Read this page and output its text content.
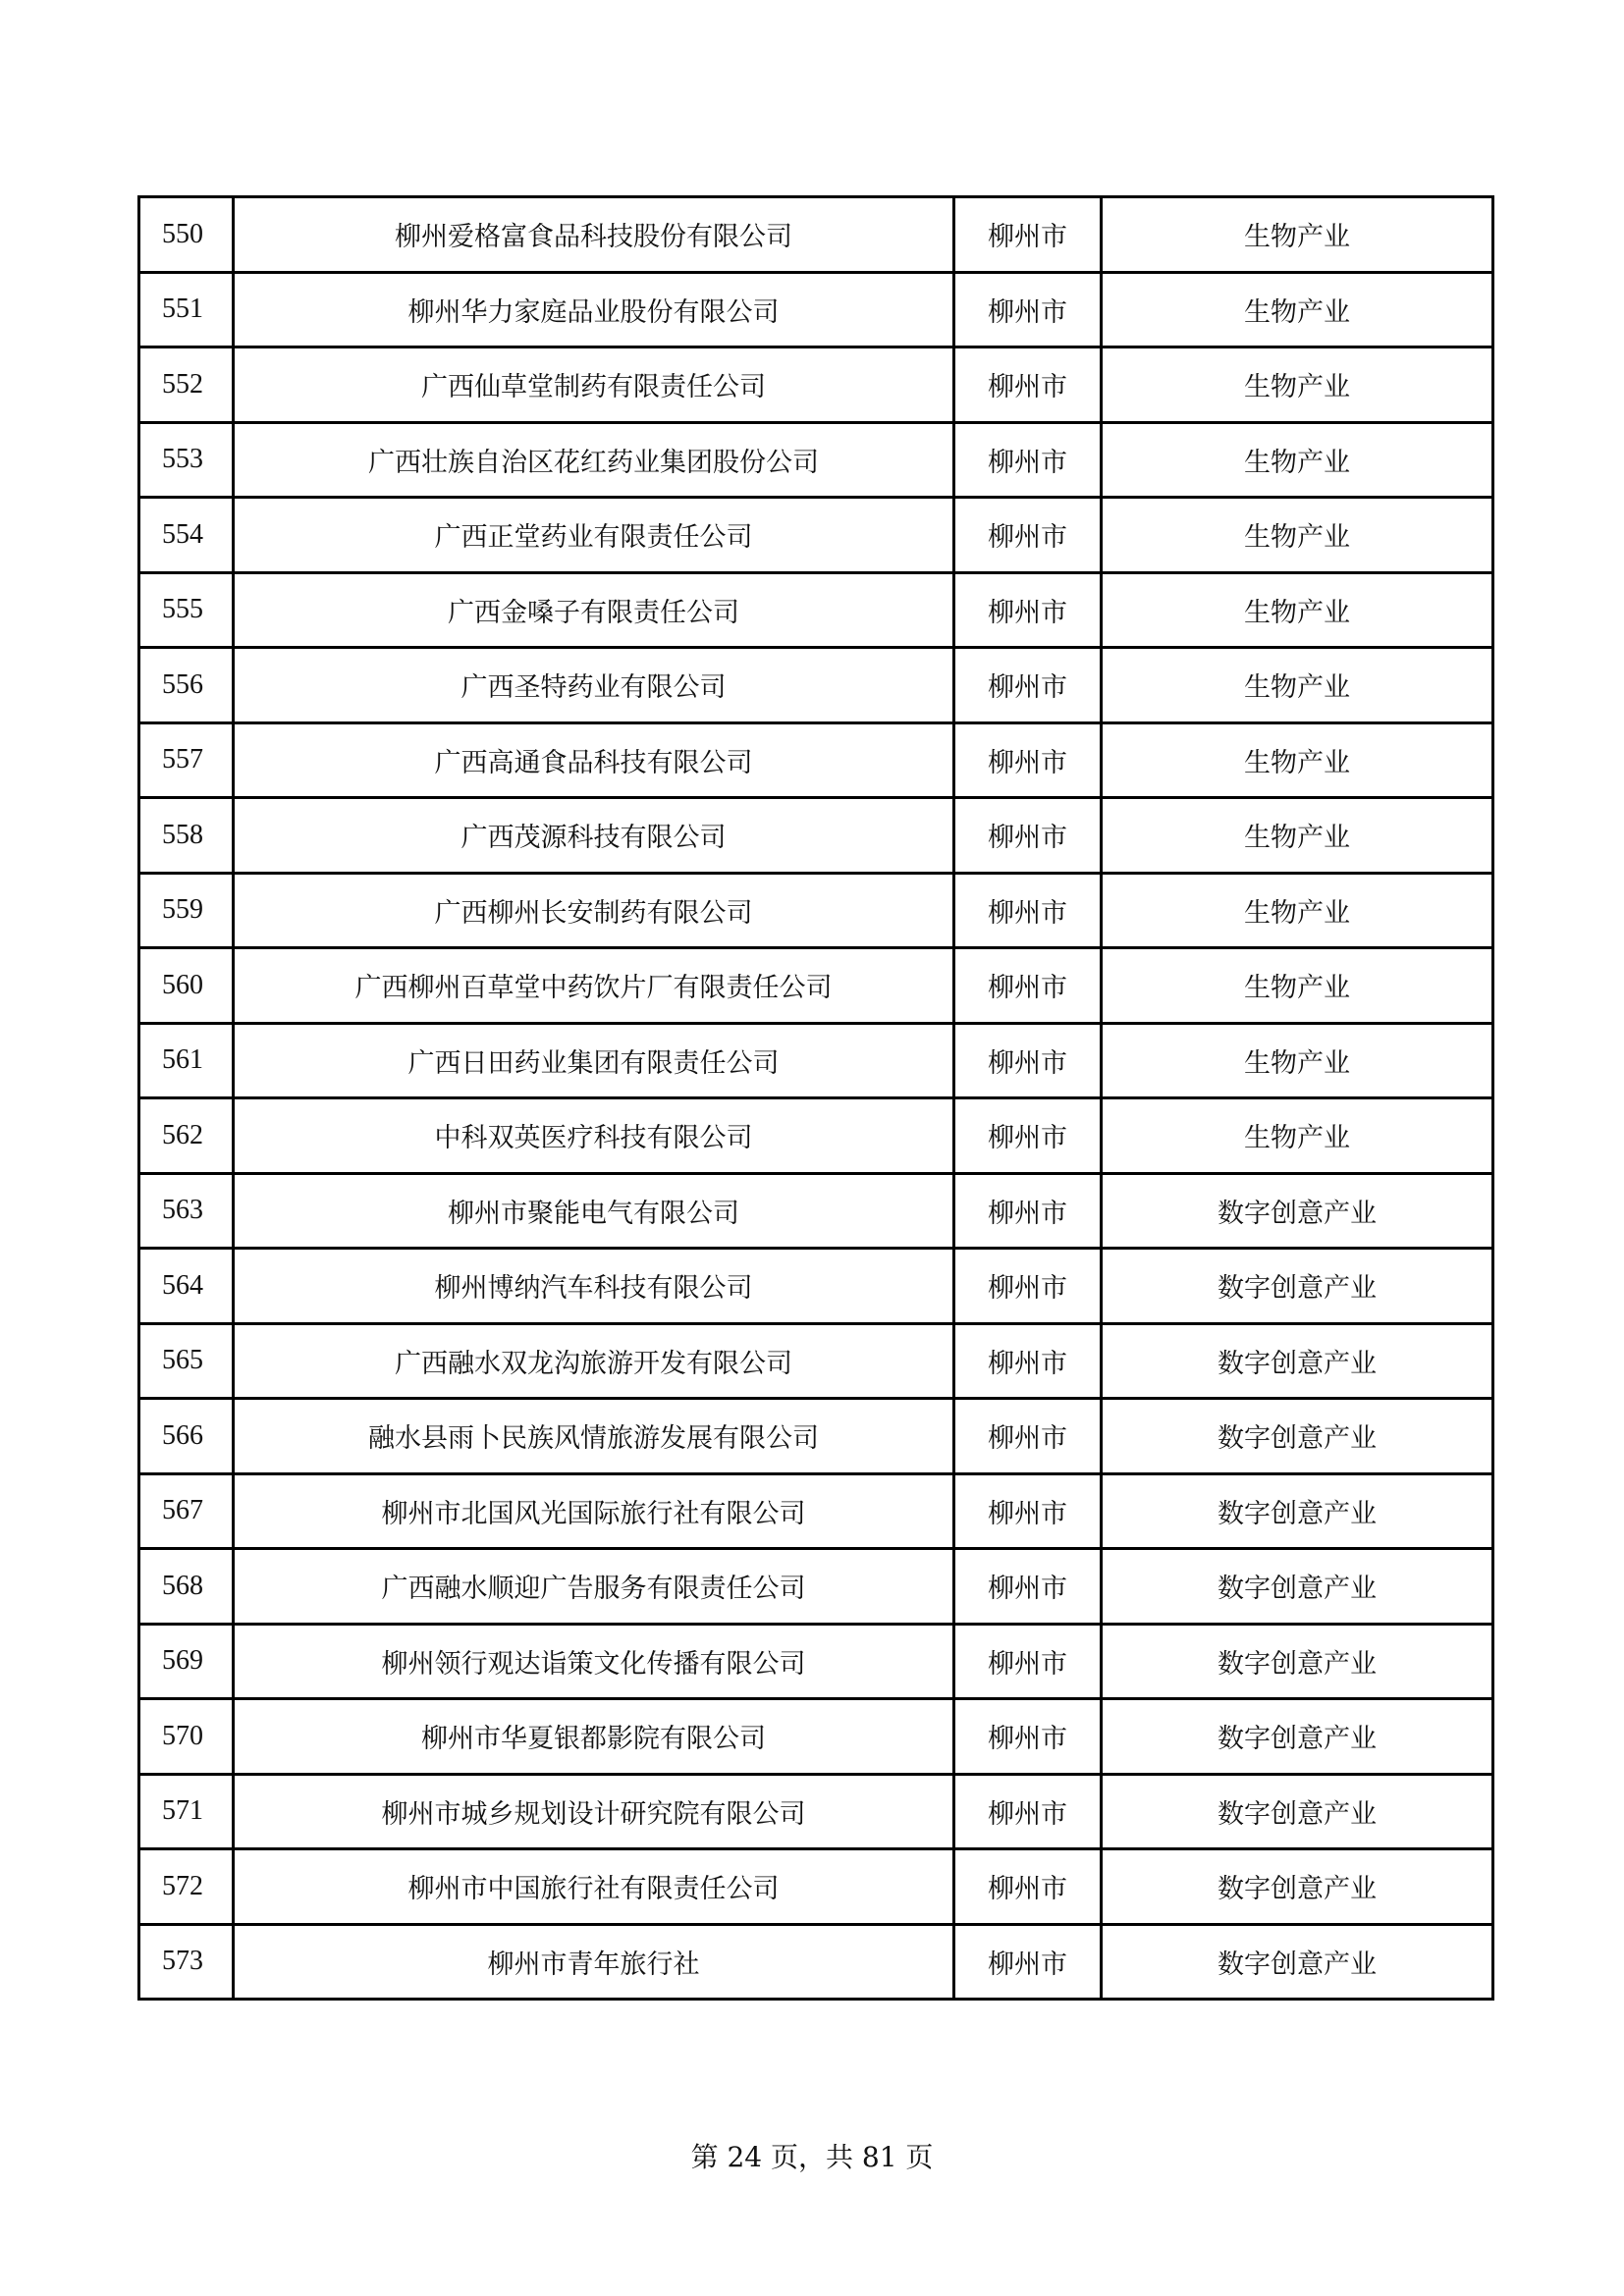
550	柳州爱格富食品科技股份有限公司	柳州市	生物产业
551	柳州华力家庭品业股份有限公司	柳州市	生物产业
552	广西仙草堂制药有限责任公司	柳州市	生物产业
553	广西壮族自治区花红药业集团股份公司	柳州市	生物产业
554	广西正堂药业有限责任公司	柳州市	生物产业
555	广西金嗓子有限责任公司	柳州市	生物产业
556	广西圣特药业有限公司	柳州市	生物产业
557	广西高通食品科技有限公司	柳州市	生物产业
558	广西茂源科技有限公司	柳州市	生物产业
559	广西柳州长安制药有限公司	柳州市	生物产业
560	广西柳州百草堂中药饮片厂有限责任公司	柳州市	生物产业
561	广西日田药业集团有限责任公司	柳州市	生物产业
562	中科双英医疗科技有限公司	柳州市	生物产业
563	柳州市聚能电气有限公司	柳州市	数字创意产业
564	柳州博纳汽车科技有限公司	柳州市	数字创意产业
565	广西融水双龙沟旅游开发有限公司	柳州市	数字创意产业
566	融水县雨卜民族风情旅游发展有限公司	柳州市	数字创意产业
567	柳州市北国风光国际旅行社有限公司	柳州市	数字创意产业
568	广西融水顺迎广告服务有限责任公司	柳州市	数字创意产业
569	柳州领行观达诣策文化传播有限公司	柳州市	数字创意产业
570	柳州市华夏银都影院有限公司	柳州市	数字创意产业
571	柳州市城乡规划设计研究院有限公司	柳州市	数字创意产业
572	柳州市中国旅行社有限责任公司	柳州市	数字创意产业
573	柳州市青年旅行社	柳州市	数字创意产业
第 24 页，共 81 页
